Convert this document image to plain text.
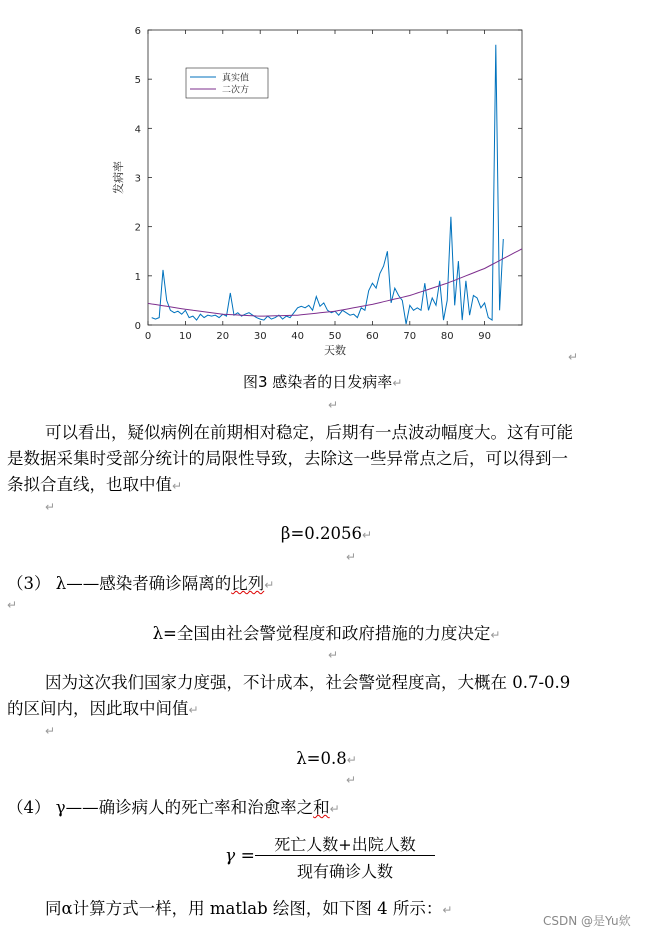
0	10 20 30 40 50 60 70 80 90
0
1
2
3
4
5
6
天数
发病率
真实值
二次方
↵
图3 感染者的日发病率↵
↵
可以看出，疑似病例在前期相对稳定，后期有一点波动幅度大。这有可能
是数据采集时受部分统计的局限性导致，去除这一些异常点之后，可以得到一
条拟合直线，也取中值↵
↵
β=0.2056↵
↵
（3） λ——感染者确诊隔离的比列↵
↵
λ=全国由社会警觉程度和政府措施的力度决定↵
↵
因为这次我们国家力度强，不计成本，社会警觉程度高，大概在 0.7-0.9
的区间内，因此取中间值↵
↵
λ=0.8↵
↵
（4） γ——确诊病人的死亡率和治愈率之和↵
γ =
死亡人数+出院人数
现有确诊人数
同α计算方式一样，用 matlab 绘图，如下图 4 所示：↵
CSDN @是Yu欸
